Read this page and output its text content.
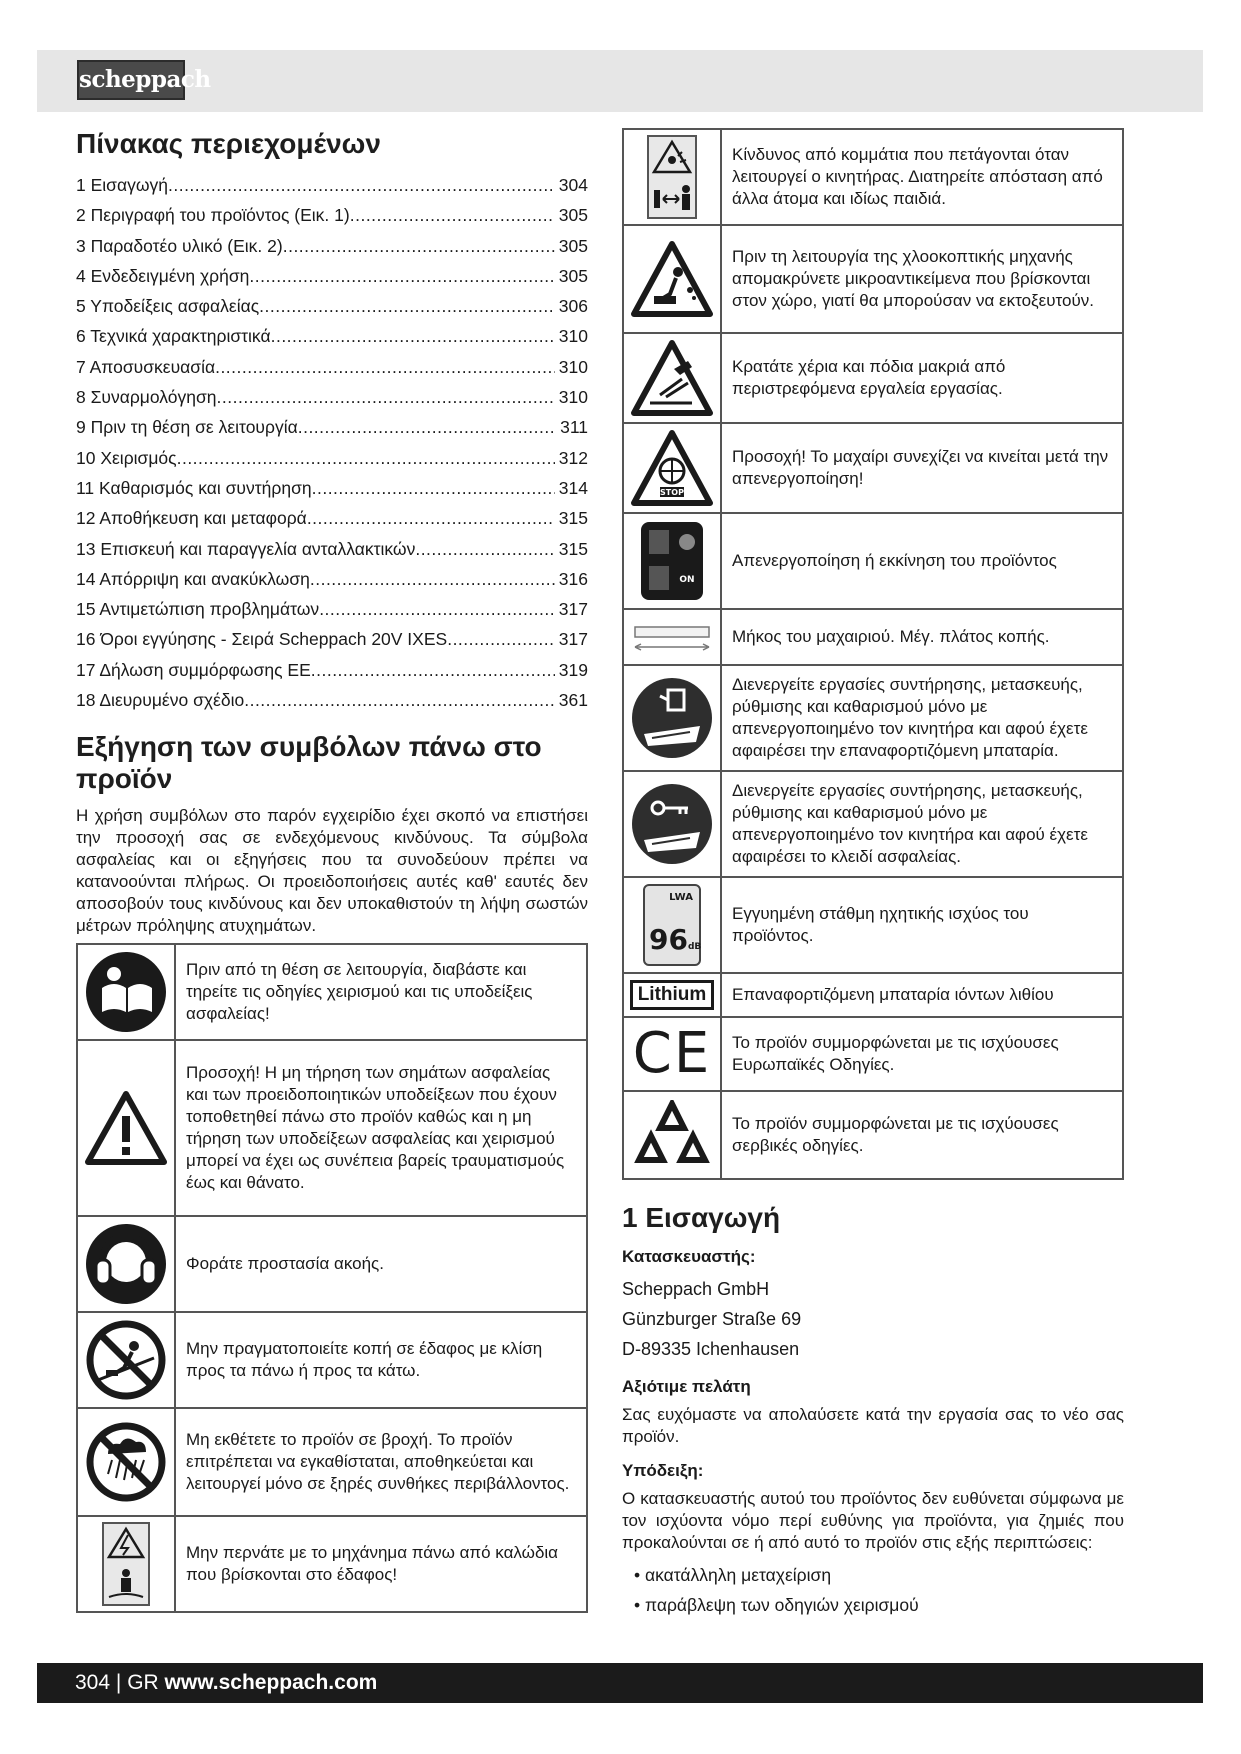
scheppach
Πίνακας περιεχομένων
1 Εισαγωγή .....	304
2 Περιγραφή του προϊόντος (Εικ. 1) .....	305
3 Παραδοτέο υλικό (Εικ. 2) .....	305
4 Ενδεδειγμένη χρήση .....	305
5 Υποδείξεις ασφαλείας .....	306
6 Τεχνικά χαρακτηριστικά .....	310
7 Αποσυσκευασία .....	310
8 Συναρμολόγηση .....	310
9 Πριν τη θέση σε λειτουργία .....	311
10 Χειρισμός .....	312
11 Καθαρισμός και συντήρηση .....	314
12 Αποθήκευση και μεταφορά .....	315
13 Επισκευή και παραγγελία ανταλλακτικών .....	315
14 Απόρριψη και ανακύκλωση .....	316
15 Αντιμετώπιση προβλημάτων .....	317
16 Όροι εγγύησης - Σειρά Scheppach 20V IXES .....	317
17 Δήλωση συμμόρφωσης ΕΕ .....	319
18 Διευρυμένο σχέδιο .....	361
Εξήγηση των συμβόλων πάνω στο προϊόν

Η χρήση συμβόλων στο παρόν εγχειρίδιο έχει σκοπό να επιστήσει την προσοχή σας σε ενδεχόμενους κινδύνους. Τα σύμβολα ασφαλείας και οι εξηγήσεις που τα συνοδεύουν πρέπει να κατανοούνται πλήρως. Οι προειδοποιήσεις αυτές καθ' εαυτές δεν αποσοβούν τους κινδύνους και δεν υποκαθιστούν τη λήψη σωστών μέτρων πρόληψης ατυχημάτων.

	Πριν από τη θέση σε λειτουργία, διαβάστε και τηρείτε τις οδηγίες χειρισμού και τις υποδείξεις ασφαλείας!

	Προσοχή! Η μη τήρηση των σημάτων ασφαλείας και των προειδοποιητικών υποδείξεων που έχουν τοποθετηθεί πάνω στο προϊόν καθώς και η μη τήρηση των υποδείξεων ασφαλείας και χειρισμού μπορεί να έχει ως συνέπεια βαρείς τραυματισμούς έως και θάνατο.

	Φοράτε προστασία ακοής.

	Μην πραγματοποιείτε κοπή σε έδαφος με κλίση προς τα πάνω ή προς τα κάτω.

	Μη εκθέτετε το προϊόν σε βροχή. Το προϊόν επιτρέπεται να εγκαθίσταται, αποθηκεύεται και λειτουργεί μόνο σε ξηρές συνθήκες περιβάλλοντος.

	Μην περνάτε με το μηχάνημα πάνω από καλώδια που βρίσκονται στο έδαφος!
	Κίνδυνος από κομμάτια που πετάγονται όταν λειτουργεί ο κινητήρας. Διατηρείτε απόσταση από άλλα άτομα και ιδίως παιδιά.

	Πριν τη λειτουργία της χλοοκοπτικής μηχανής απομακρύνετε μικροαντικείμενα που βρίσκονται στον χώρο, γιατί θα μπορούσαν να εκτοξευτούν.

	Κρατάτε χέρια και πόδια μακριά από περιστρεφόμενα εργαλεία εργασίας.

STOP	Προσοχή! Το μαχαίρι συνεχίζει να κινείται μετά την απενεργοποίηση!

ON	Απενεργοποίηση ή εκκίνηση του προϊόντος

	Μήκος του μαχαιριού. Μέγ. πλάτος κοπής.

	Διενεργείτε εργασίες συντήρησης, μετασκευής, ρύθμισης και καθαρισμού μόνο με απενεργοποιημένο τον κινητήρα και αφού έχετε αφαιρέσει την επαναφορτιζόμενη μπαταρία.

	Διενεργείτε εργασίες συντήρησης, μετασκευής, ρύθμισης και καθαρισμού μόνο με απενεργοποιημένο τον κινητήρα και αφού έχετε αφαιρέσει το κλειδί ασφαλείας.

LWA
96dB	Εγγυημένη στάθμη ηχητικής ισχύος του προϊόντος.

Lithium	Επαναφορτιζόμενη μπαταρία ιόντων λιθίου

CE	Το προϊόν συμμορφώνεται με τις ισχύουσες Ευρωπαϊκές Οδηγίες.

	Το προϊόν συμμορφώνεται με τις ισχύουσες σερβικές οδηγίες.
1 Εισαγωγή
Κατασκευαστής:
Scheppach GmbH
Günzburger Straße 69
D-89335 Ichenhausen
Αξιότιμε πελάτη

Σας ευχόμαστε να απολαύσετε κατά την εργασία σας το νέο σας προϊόν.

Υπόδειξη:

Ο κατασκευαστής αυτού του προϊόντος δεν ευθύνεται σύμφωνα με τον ισχύοντα νόμο περί ευθύνης για προϊόντα, για ζημιές που προκαλούνται σε ή από αυτό το προϊόν στις εξής περιπτώσεις:

• ακατάλληλη μεταχείριση
• παράβλεψη των οδηγιών χειρισμού
304 | GR www.scheppach.com
